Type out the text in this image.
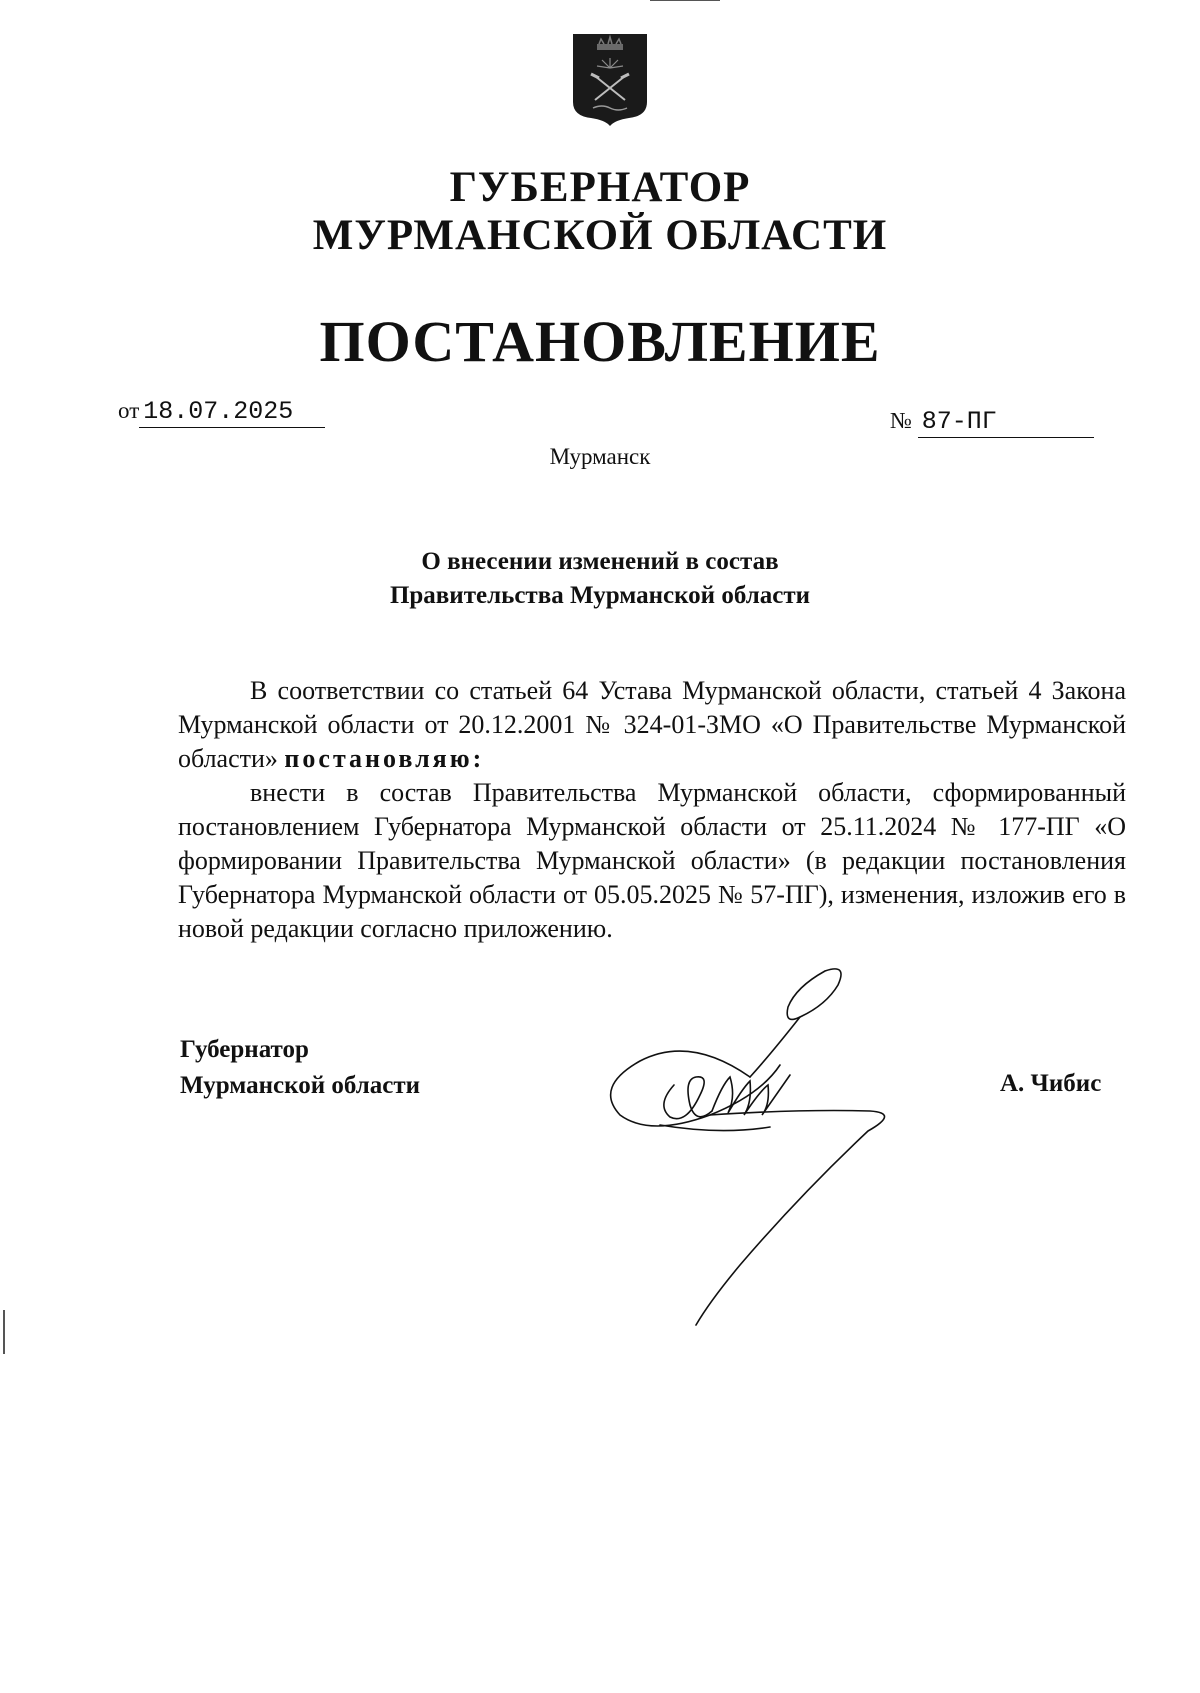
ГУБЕРНАТОР
МУРМАНСКОЙ ОБЛАСТИ
ПОСТАНОВЛЕНИЕ
от 18.07.2025	№ 87-ПГ
Мурманск
О внесении изменений в состав
Правительства Мурманской области

В соответствии со статьей 64 Устава Мурманской области, статьей 4 Закона Мурманской области от 20.12.2001 № 324-01-ЗМО «О Правительстве Мурманской области» постановляю:

внести в состав Правительства Мурманской области, сформированный постановлением Губернатора Мурманской области от 25.11.2024 № 177-ПГ «О формировании Правительства Мурманской области» (в редакции постановления Губернатора Мурманской области от 05.05.2025 № 57-ПГ), изменения, изложив его в новой редакции согласно приложению.

Губернатор
Мурманской области	А. Чибис
